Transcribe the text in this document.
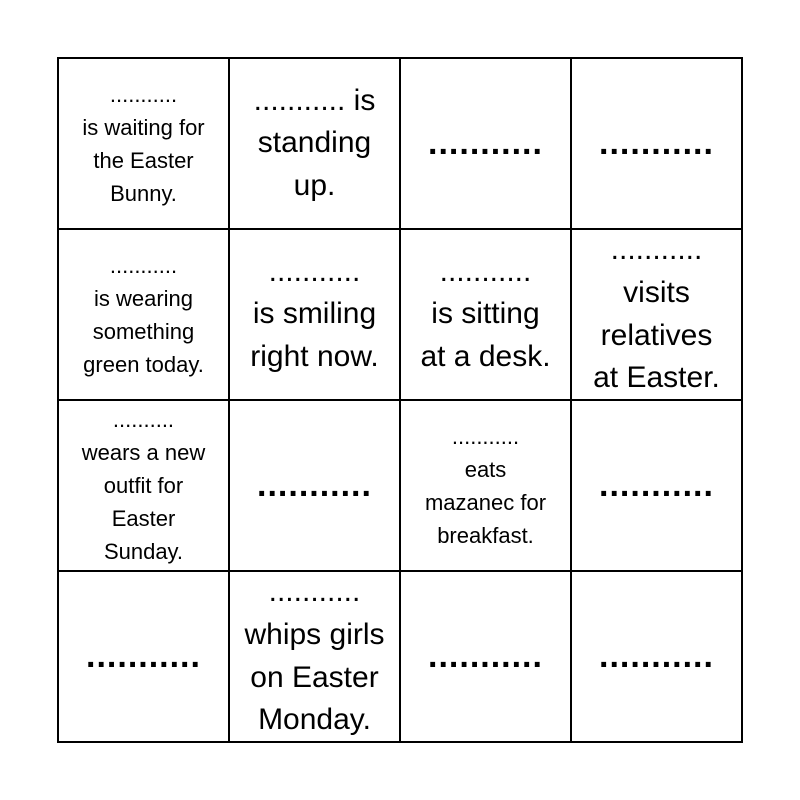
...........
is waiting for
the Easter
Bunny.
........... is
standing
up.
........... ...........
...........
is wearing
something
green today.
...........
is smiling
right now.
...........
is sitting
at a desk.
...........
visits
relatives
at Easter.
..........
wears a new
outfit for
Easter
Sunday.
...........
...........
eats
mazanec for
breakfast.
...........
...........
...........
whips girls
on Easter
Monday.
........... ...........
